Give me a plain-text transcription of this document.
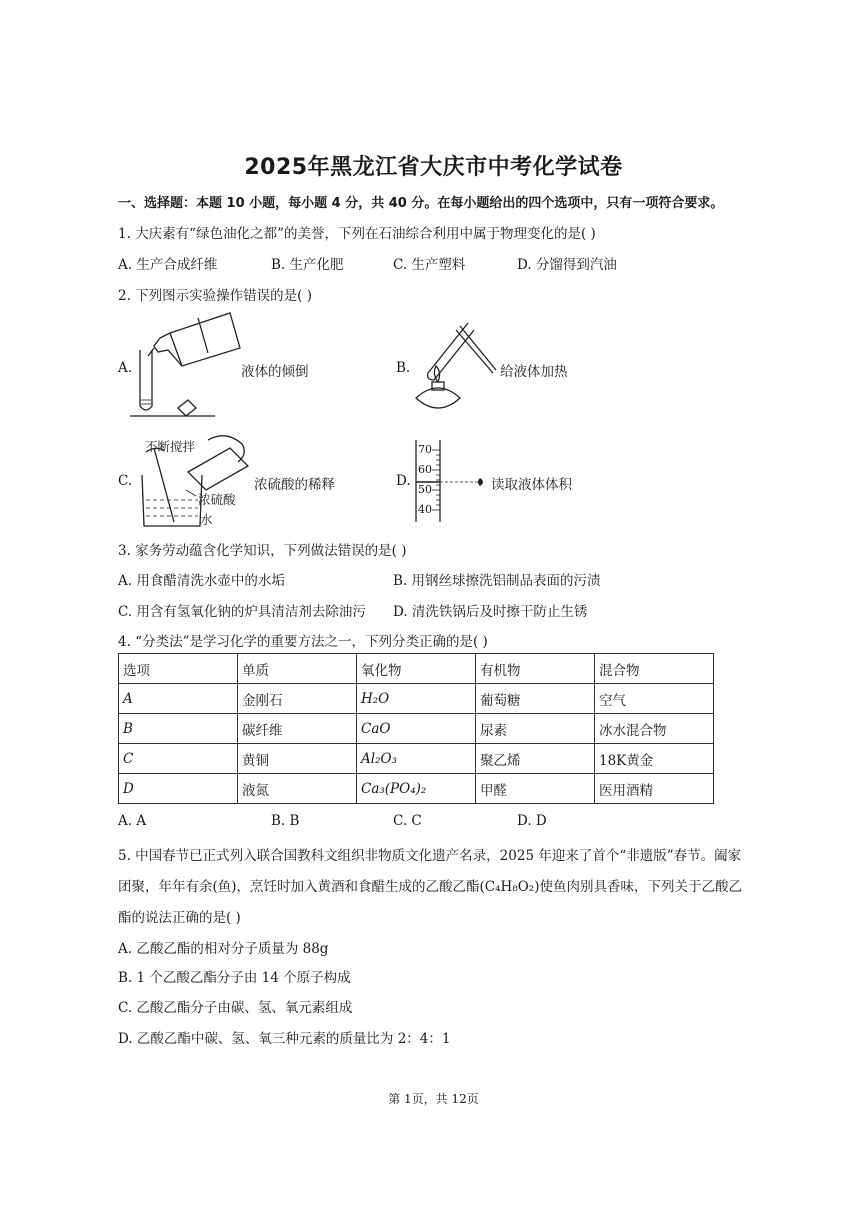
2025年黑龙江省大庆市中考化学试卷
一、选择题：本题 10 小题，每小题 4 分，共 40 分。在每小题给出的四个选项中，只有一项符合要求。
1. 大庆素有“绿色油化之都”的美誉，下列在石油综合利用中属于物理变化的是( )
A. 生产合成纤维	B. 生产化肥	C. 生产塑料	D. 分馏得到汽油
2. 下列图示实验操作错误的是( )
A.	液体的倾倒	B.	给液体加热
C.
不断搅拌
浓硫酸
水
浓硫酸的稀释	D.
70
60
50
40
读取液体体积
3. 家务劳动蕴含化学知识，下列做法错误的是( )
A. 用食醋清洗水壶中的水垢	B. 用钢丝球擦洗铝制品表面的污渍
C. 用含有氢氧化钠的炉具清洁剂去除油污 D. 清洗铁锅后及时擦干防止生锈
4. “分类法”是学习化学的重要方法之一，下列分类正确的是( )
选项	单质	氧化物	有机物	混合物
A	金刚石	H₂O	葡萄糖	空气
B	碳纤维	CaO	尿素	冰水混合物
C	黄铜	Al₂O₃	聚乙烯	18K黄金
D	液氮	Ca₃(PO₄)₂	甲醛	医用酒精
A. A	B. B	C. C	D. D
5. 中国春节已正式列入联合国教科文组织非物质文化遗产名录，2025 年迎来了首个“非遗版”春节。阖家
团聚，年年有余(鱼)，烹饪时加入黄酒和食醋生成的乙酸乙酯(C₄H₈O₂)使鱼肉别具香味，下列关于乙酸乙
酯的说法正确的是( )
A. 乙酸乙酯的相对分子质量为 88g
B. 1 个乙酸乙酯分子由 14 个原子构成
C. 乙酸乙酯分子由碳、氢、氧元素组成
D. 乙酸乙酯中碳、氢、氧三种元素的质量比为 2：4：1
第 1页，共 12页
